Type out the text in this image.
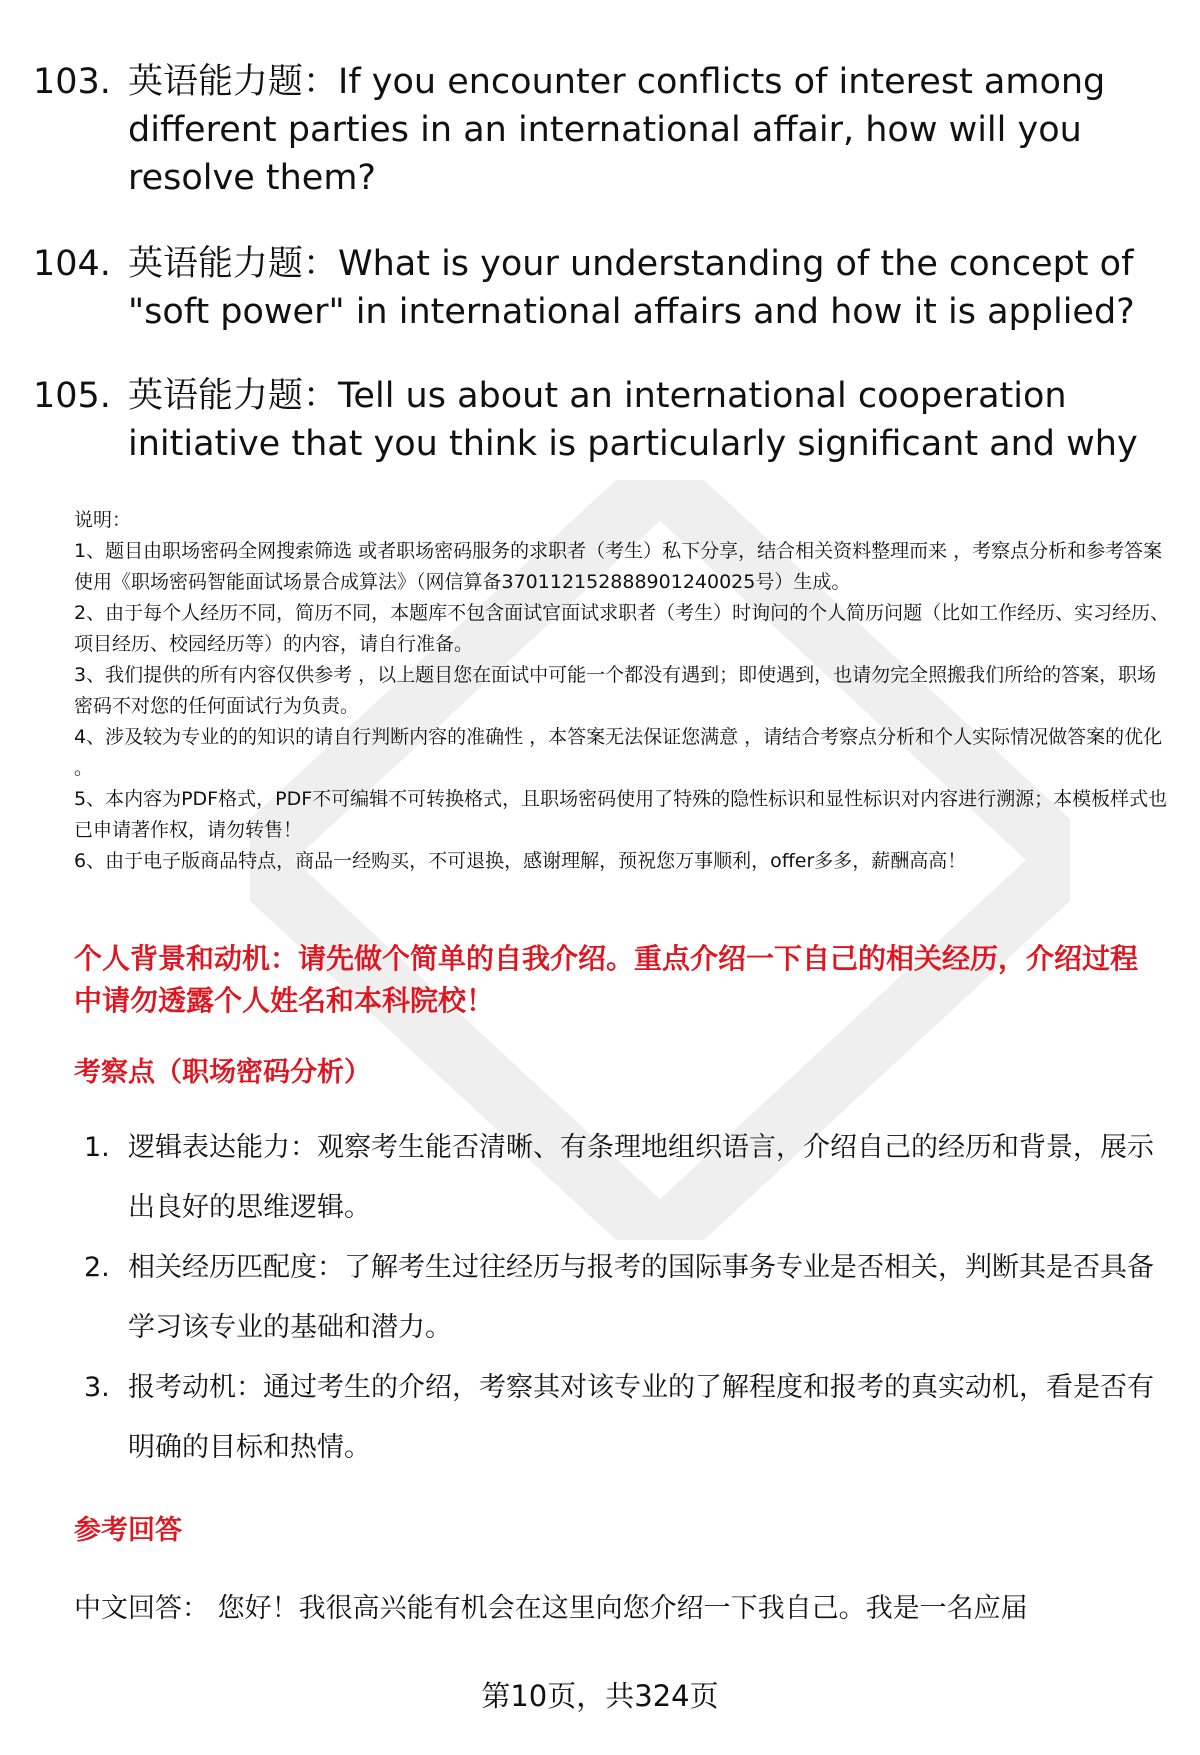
103. 英语能力题：If you encounter conflicts of interest among different parties in an international affair, how will you resolve them?
104. 英语能力题：What is your understanding of the concept of "soft power" in international affairs and how it is applied?
105. 英语能力题：Tell us about an international cooperation initiative that you think is particularly significant and why
说明：
1、题目由职场密码全网搜索筛选 或者职场密码服务的求职者（考生）私下分享，结合相关资料整理而来 ，考察点分析和参考答案使用《职场密码智能面试场景合成算法》（网信算备370112152888901240025号）生成。
2、由于每个人经历不同，简历不同，本题库不包含面试官面试求职者（考生）时询问的个人简历问题（比如工作经历、实习经历、项目经历、校园经历等）的内容，请自行准备。
3、我们提供的所有内容仅供参考 ，以上题目您在面试中可能一个都没有遇到；即使遇到，也请勿完全照搬我们所给的答案，职场密码不对您的任何面试行为负责。
4、涉及较为专业的的知识的请自行判断内容的准确性 ，本答案无法保证您满意 ，请结合考察点分析和个人实际情况做答案的优化 。
5、本内容为PDF格式，PDF不可编辑不可转换格式，且职场密码使用了特殊的隐性标识和显性标识对内容进行溯源；本模板样式也已申请著作权，请勿转售！
6、由于电子版商品特点，商品一经购买，不可退换，感谢理解，预祝您万事顺利，offer多多，薪酬高高！
个人背景和动机：请先做个简单的自我介绍。重点介绍一下自己的相关经历，介绍过程中请勿透露个人姓名和本科院校！
考察点（职场密码分析）
1. 逻辑表达能力：观察考生能否清晰、有条理地组织语言，介绍自己的经历和背景，展示出良好的思维逻辑。
2. 相关经历匹配度：了解考生过往经历与报考的国际事务专业是否相关，判断其是否具备学习该专业的基础和潜力。
3. 报考动机：通过考生的介绍，考察其对该专业的了解程度和报考的真实动机，看是否有明确的目标和热情。
参考回答
中文回答： 您好！我很高兴能有机会在这里向您介绍一下我自己。我是一名应届
第10页，共324页
